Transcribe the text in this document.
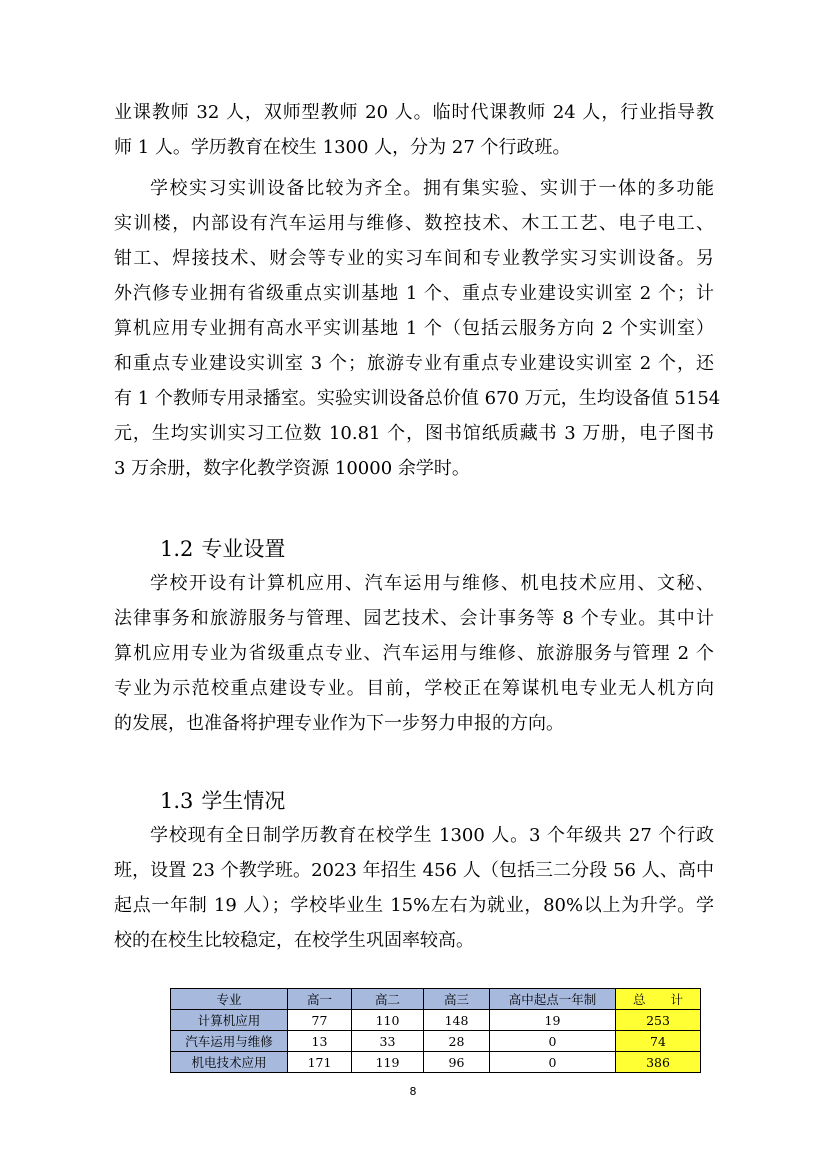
业课教师 32 人，双师型教师 20 人。临时代课教师 24 人，行业指导教
师 1 人。学历教育在校生 1300 人，分为 27 个行政班。
学校实习实训设备比较为齐全。拥有集实验、实训于一体的多功能
实训楼，内部设有汽车运用与维修、数控技术、木工工艺、电子电工、
钳工、焊接技术、财会等专业的实习车间和专业教学实习实训设备。另
外汽修专业拥有省级重点实训基地 1 个、重点专业建设实训室 2 个；计
算机应用专业拥有高水平实训基地 1 个（包括云服务方向 2 个实训室）
和重点专业建设实训室 3 个；旅游专业有重点专业建设实训室 2 个，还
有 1 个教师专用录播室。实验实训设备总价值 670 万元，生均设备值 5154
元，生均实训实习工位数 10.81 个，图书馆纸质藏书 3 万册，电子图书
3 万余册，数字化教学资源 10000 余学时。
1.2 专业设置
学校开设有计算机应用、汽车运用与维修、机电技术应用、文秘、
法律事务和旅游服务与管理、园艺技术、会计事务等 8 个专业。其中计
算机应用专业为省级重点专业、汽车运用与维修、旅游服务与管理 2 个
专业为示范校重点建设专业。目前，学校正在筹谋机电专业无人机方向
的发展，也准备将护理专业作为下一步努力申报的方向。
1.3 学生情况
学校现有全日制学历教育在校学生 1300 人。3 个年级共 27 个行政
班，设置 23 个教学班。2023 年招生 456 人（包括三二分段 56 人、高中
起点一年制 19 人）；学校毕业生 15%左右为就业，80%以上为升学。学
校的在校生比较稳定，在校学生巩固率较高。
专业	高一	高二	高三	高中起点一年制	总　　计
计算机应用	77	110	148	19	253
汽车运用与维修	13	33	28	0	74
机电技术应用	171	119	96	0	386
8
